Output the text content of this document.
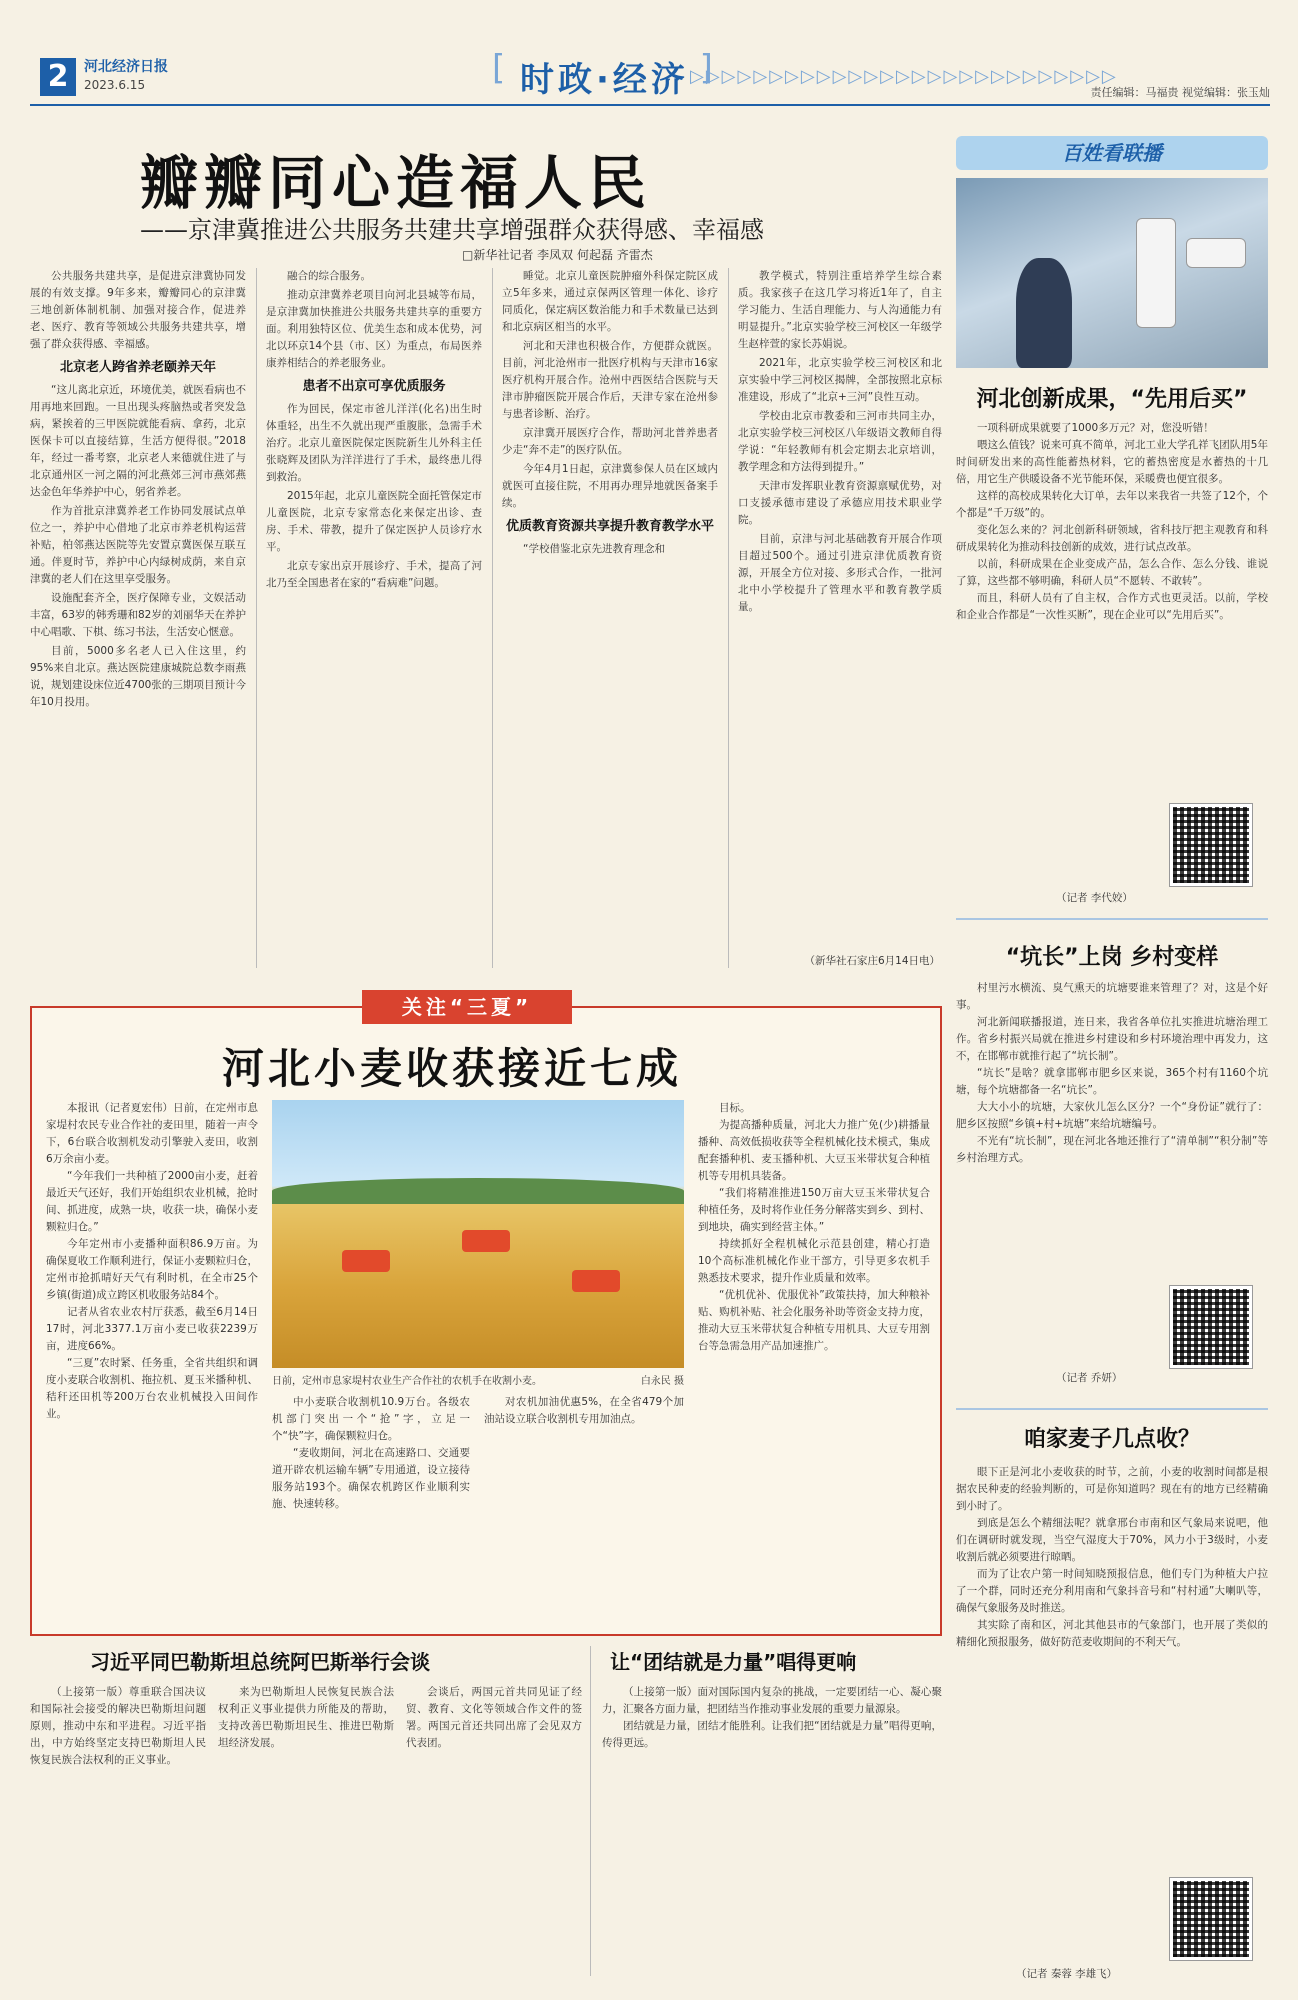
2	河北经济日报
2023.6.15
[	时政·经济 ] ▷▷▷▷▷▷▷▷▷▷▷▷▷▷▷▷▷▷▷▷▷▷▷▷▷▷▷
责任编辑：马福贵 视觉编辑：张玉灿
瓣瓣同心造福人民
——京津冀推进公共服务共建共享增强群众获得感、幸福感
□新华社记者 李凤双 何起磊 齐雷杰

公共服务共建共享，是促进京津冀协同发展的有效支撑。9年多来，瓣瓣同心的京津冀三地创新体制机制、加强对接合作，促进养老、医疗、教育等领域公共服务共建共享，增强了群众获得感、幸福感。

北京老人跨省养老颐养天年

“这儿离北京近，环境优美，就医看病也不用再地来回跑。一旦出现头疼脑热或者突发急病，紧挨着的三甲医院就能看病、拿药，北京医保卡可以直接结算，生活方便得很。”2018年，经过一番考察，北京老人来德就住进了与北京通州区一河之隔的河北燕郊三河市燕郊燕达金色年华养护中心，躬省养老。

作为首批京津冀养老工作协同发展试点单位之一，养护中心借地了北京市养老机构运营补贴，柏邻燕达医院等先安置京冀医保互联互通。伴夏时节，养护中心内绿树成荫，来自京津冀的老人们在这里享受服务。

设施配套齐全，医疗保障专业，文娱活动丰富，63岁的韩秀珊和82岁的刘丽华天在养护中心唱歌、下棋、练习书法，生活安心惬意。

目前，5000多名老人已入住这里，约95%来自北京。燕达医院建康城院总数李雨燕说，规划建设床位近4700张的三期项目预计今年10月投用。

融合的综合服务。

推动京津冀养老项目向河北县城等布局，是京津冀加快推进公共服务共建共享的重要方面。利用独特区位、优美生态和成本优势，河北以环京14个县（市、区）为重点，布局医养康养相结合的养老服务业。

患者不出京可享优质服务

作为回民，保定市爸儿洋洋(化名)出生时体重轻，出生不久就出现严重腹胀，急需手术治疗。北京儿童医院保定医院新生儿外科主任张晓辉及团队为洋洋进行了手术，最终患儿得到救治。

2015年起，北京儿童医院全面托管保定市儿童医院，北京专家常态化来保定出诊、查房、手术、带教，提升了保定医护人员诊疗水平。

北京专家出京开展诊疗、手术，提高了河北乃至全国患者在家的“看病难”问题。

睡觉。北京儿童医院肿瘤外科保定院区成立5年多来，通过京保两区管理一体化、诊疗同质化，保定病区数治能力和手术数量已达到和北京病区相当的水平。

河北和天津也积极合作，方便群众就医。目前，河北沧州市一批医疗机构与天津市16家医疗机构开展合作。沧州中西医结合医院与天津市肿瘤医院开展合作后，天津专家在沧州参与患者诊断、治疗。

京津冀开展医疗合作，帮助河北普养患者少走“奔不走”的医疗队伍。

今年4月1日起，京津冀参保人员在区域内就医可直接住院，不用再办理异地就医备案手续。

优质教育资源共享提升教育教学水平

“学校借鉴北京先进教育理念和

教学模式，特别注重培养学生综合素质。我家孩子在这几学习将近1年了，自主学习能力、生活自理能力、与人沟通能力有明显提升。”北京实验学校三河校区一年级学生赵梓萱的家长苏娟说。

2021年，北京实验学校三河校区和北京实验中学三河校区揭牌，全部按照北京标准建设，形成了“北京+三河”良性互动。

学校由北京市教委和三河市共同主办，北京实验学校三河校区八年级语文教师自得学说：“年轻教师有机会定期去北京培训，教学理念和方法得到提升。”

天津市发挥职业教育资源禀赋优势，对口支援承德市建设了承德应用技术职业学院。

目前，京津与河北基础教育开展合作项目超过500个。通过引进京津优质教育资源，开展全方位对接、多形式合作，一批河北中小学校提升了管理水平和教育教学质量。

（新华社石家庄6月14日电）
关注“三夏”
河北小麦收获接近七成

本报讯（记者夏宏伟）日前，在定州市息家堤村农民专业合作社的麦田里，随着一声令下，6台联合收割机发动引擎驶入麦田，收割6万余亩小麦。

“今年我们一共种植了2000亩小麦，赶着最近天气还好，我们开始组织农业机械，抢时间、抓进度，成熟一块，收获一块，确保小麦颗粒归仓。”

今年定州市小麦播种面积86.9万亩。为确保夏收工作顺利进行，保证小麦颗粒归仓，定州市抢抓晴好天气有利时机，在全市25个乡镇(街道)成立跨区机收服务站84个。

记者从省农业农村厅获悉，截至6月14日17时，河北3377.1万亩小麦已收获2239万亩，进度66%。

“三夏”农时紧、任务重，全省共组织和调度小麦联合收割机、拖拉机、夏玉米播种机、秸秆还田机等200万台农业机械投入田间作业。

日前，定州市息家堤村农业生产合作社的农机手在收割小麦。	白永民 摄

目标。

为提高播种质量，河北大力推广免(少)耕播量播种、高效低损收获等全程机械化技术模式，集成配套播种机、麦玉播种机、大豆玉米带状复合种植机等专用机具装备。

“我们将精准推进150万亩大豆玉米带状复合种植任务，及时将作业任务分解落实到乡、到村、到地块，确实到经营主体。”

持续抓好全程机械化示范县创建，精心打造10个高标准机械化作业干部方，引导更多农机手熟悉技术要求，提升作业质量和效率。

“优机优补、优服优补”政策扶持，加大种粮补贴、购机补贴、社会化服务补助等资金支持力度，推动大豆玉米带状复合种植专用机具、大豆专用割台等急需急用产品加速推广。

中小麦联合收割机10.9万台。各级农机部门突出一个“抢”字，立足一个“快”字，确保颗粒归仓。

“麦收期间，河北在高速路口、交通要道开辟农机运输车辆”专用通道，设立接待服务站193个。确保农机跨区作业顺利实施、快速转移。

对农机加油优惠5%，在全省479个加油站设立联合收割机专用加油点。

习近平同巴勒斯坦总统阿巴斯举行会谈

（上接第一版）尊重联合国决议和国际社会接受的解决巴勒斯坦问题原则，推动中东和平进程。习近平指出，中方始终坚定支持巴勒斯坦人民恢复民族合法权利的正义事业。

来为巴勒斯坦人民恢复民族合法权利正义事业提供力所能及的帮助，支持改善巴勒斯坦民生、推进巴勒斯坦经济发展。

会谈后，两国元首共同见证了经贸、教育、文化等领域合作文件的签署。两国元首还共同出席了会见双方代表团。

让“团结就是力量”唱得更响

（上接第一版）面对国际国内复杂的挑战，一定要团结一心、凝心聚力，汇聚各方面力量，把团结当作推动事业发展的重要力量源泉。

团结就是力量，团结才能胜利。让我们把“团结就是力量”唱得更响，传得更远。

百姓看联播
河北创新成果，“先用后买”

一项科研成果就要了1000多万元？对，您没听错！

喂这么值钱？说来可真不简单，河北工业大学孔祥飞团队用5年时间研发出来的高性能蓄热材料，它的蓄热密度是水蓄热的十几倍，用它生产供暖设备不光节能环保，采暖费也便宜很多。

这样的高校成果转化大订单，去年以来我省一共签了12个，个个都是“千万级”的。

变化怎么来的？河北创新科研领域，省科技厅把主观教育和科研成果转化为推动科技创新的成效，进行试点改革。

以前，科研成果在企业变成产品，怎么合作、怎么分钱、谁说了算，这些都不够明确，科研人员“不愿转、不敢转”。

而且，科研人员有了自主权，合作方式也更灵活。以前，学校和企业合作都是“一次性买断”，现在企业可以“先用后买”。

（记者 李代姣）
“坑长”上岗 乡村变样

村里污水横流、臭气熏天的坑塘要谁来管理了？对，这是个好事。

河北新闻联播报道，连日来，我省各单位扎实推进坑塘治理工作。省乡村振兴局就在推进乡村建设和乡村环境治理中再发力，这不，在邯郸市就推行起了“坑长制”。

“坑长”是啥？就拿邯郸市肥乡区来说，365个村有1160个坑塘，每个坑塘都备一名“坑长”。

大大小小的坑塘，大家伙儿怎么区分？一个“身份证”就行了：肥乡区按照“乡镇+村+坑塘”来给坑塘编号。

不光有“坑长制”，现在河北各地还推行了“清单制”“积分制”等乡村治理方式。

（记者 乔妍）
咱家麦子几点收？

眼下正是河北小麦收获的时节，之前，小麦的收割时间都是根据农民种麦的经验判断的，可是你知道吗？现在有的地方已经精确到小时了。

到底是怎么个精细法呢？就拿邢台市南和区气象局来说吧，他们在调研时就发现，当空气湿度大于70%，风力小于3级时，小麦收割后就必须要进行晾晒。

而为了让农户第一时间知晓预报信息，他们专门为种植大户拉了一个群，同时还充分利用南和气象抖音号和“村村通”大喇叭等，确保气象服务及时推送。

其实除了南和区，河北其他县市的气象部门，也开展了类似的精细化预报服务，做好防范麦收期间的不利天气。

（记者 秦蓉 李雄飞）
